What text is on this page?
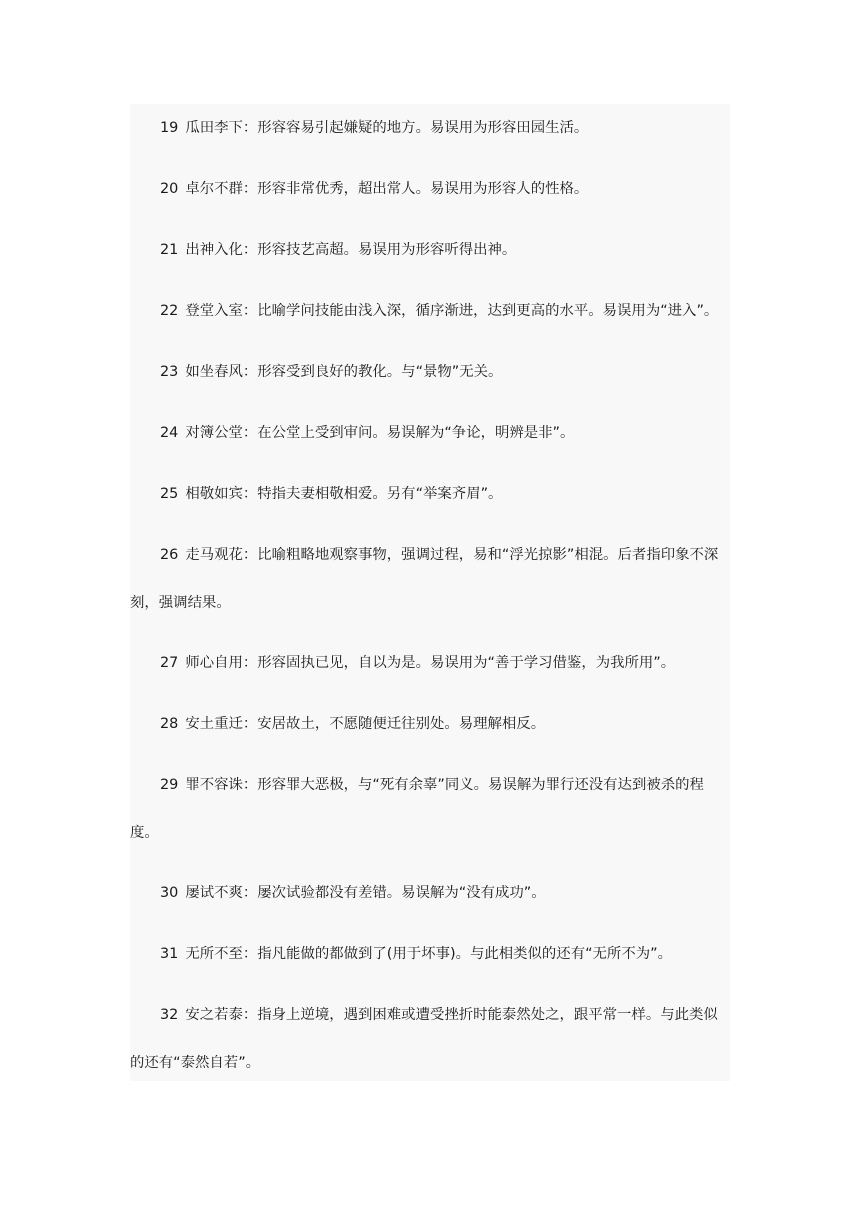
19 瓜田李下：形容容易引起嫌疑的地方。易误用为形容田园生活。

20 卓尔不群：形容非常优秀，超出常人。易误用为形容人的性格。

21 出神入化：形容技艺高超。易误用为形容听得出神。

22 登堂入室：比喻学问技能由浅入深，循序渐进，达到更高的水平。易误用为“进入”。

23 如坐春风：形容受到良好的教化。与“景物”无关。

24 对簿公堂：在公堂上受到审问。易误解为“争论，明辨是非”。

25 相敬如宾：特指夫妻相敬相爱。另有“举案齐眉”。

26 走马观花：比喻粗略地观察事物，强调过程，易和“浮光掠影”相混。后者指印象不深刻，强调结果。

27 师心自用：形容固执已见，自以为是。易误用为“善于学习借鉴，为我所用”。

28 安土重迁：安居故土，不愿随便迁往别处。易理解相反。

29 罪不容诛：形容罪大恶极，与“死有余辜”同义。易误解为罪行还没有达到被杀的程度。

30 屡试不爽：屡次试验都没有差错。易误解为“没有成功”。

31 无所不至：指凡能做的都做到了(用于坏事)。与此相类似的还有“无所不为”。

32 安之若泰：指身上逆境，遇到困难或遭受挫折时能泰然处之，跟平常一样。与此类似的还有“泰然自若”。
